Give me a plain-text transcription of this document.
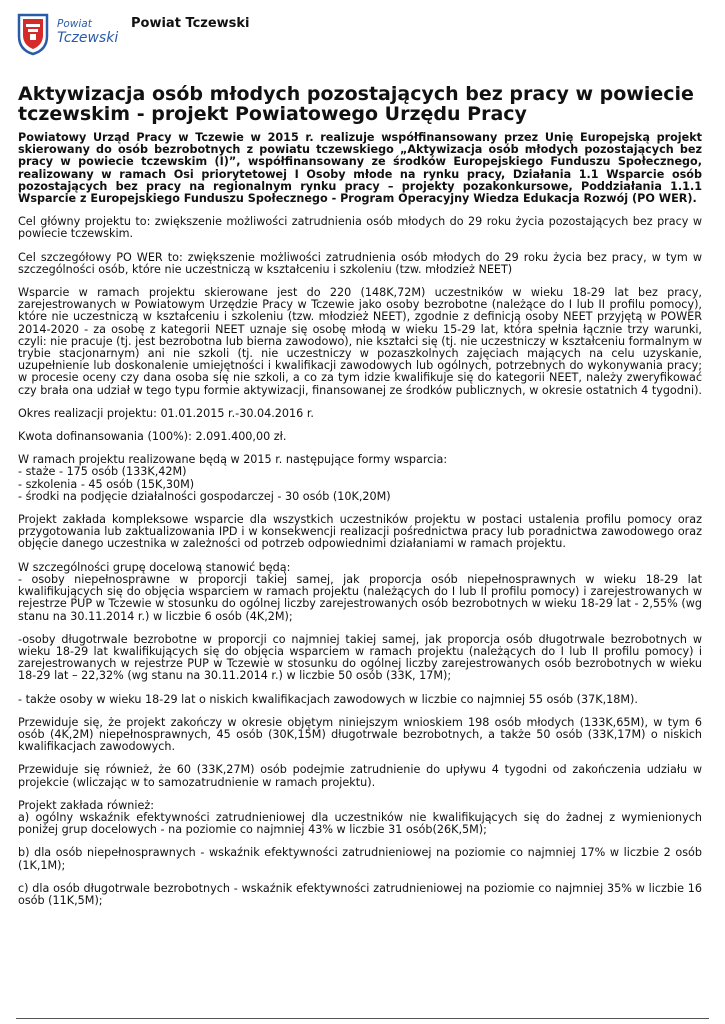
Powiat
Tczewski
Powiat Tczewski
Aktywizacja osób młodych pozostających bez pracy w powiecie tczewskim - projekt Powiatowego Urzędu Pracy

Powiatowy Urząd Pracy w Tczewie w 2015 r. realizuje współfinansowany przez Unię Europejską projekt skierowany do osób bezrobotnych z powiatu tczewskiego „Aktywizacja osób młodych pozostających bez pracy w powiecie tczewskim (I)”, współfinansowany ze środków Europejskiego Funduszu Społecznego, realizowany w ramach Osi priorytetowej I Osoby młode na rynku pracy, Działania 1.1 Wsparcie osób pozostających bez pracy na regionalnym rynku pracy – projekty pozakonkursowe, Poddziałania 1.1.1 Wsparcie z Europejskiego Funduszu Społecznego - Program Operacyjny Wiedza Edukacja Rozwój (PO WER).

Cel główny projektu to: zwiększenie możliwości zatrudnienia osób młodych do 29 roku życia pozostających bez pracy w powiecie tczewskim.

Cel szczegółowy PO WER to: zwiększenie możliwości zatrudnienia osób młodych do 29 roku życia bez pracy, w tym w szczególności osób, które nie uczestniczą w kształceniu i szkoleniu (tzw. młodzież NEET)

Wsparcie w ramach projektu skierowane jest do 220 (148K,72M) uczestników w wieku 18-29 lat bez pracy, zarejestrowanych w Powiatowym Urzędzie Pracy w Tczewie jako osoby bezrobotne (należące do I lub II profilu pomocy), które nie uczestniczą w kształceniu i szkoleniu (tzw. młodzież NEET), zgodnie z definicją osoby NEET przyjętą w POWER 2014-2020 - za osobę z kategorii NEET uznaje się osobę młodą w wieku 15-29 lat, która spełnia łącznie trzy warunki, czyli: nie pracuje (tj. jest bezrobotna lub bierna zawodowo), nie kształci się (tj. nie uczestniczy w kształceniu formalnym w trybie stacjonarnym) ani nie szkoli (tj. nie uczestniczy w pozaszkolnych zajęciach mających na celu uzyskanie, uzupełnienie lub doskonalenie umiejętności i kwalifikacji zawodowych lub ogólnych, potrzebnych do wykonywania pracy; w procesie oceny czy dana osoba się nie szkoli, a co za tym idzie kwalifikuje się do kategorii NEET, należy zweryfikować czy brała ona udział w tego typu formie aktywizacji, finansowanej ze środków publicznych, w okresie ostatnich 4 tygodni).

Okres realizacji projektu: 01.01.2015 r.-30.04.2016 r.

Kwota dofinansowania (100%): 2.091.400,00 zł.

W ramach projektu realizowane będą w 2015 r. następujące formy wsparcia:
- staże - 175 osób (133K,42M)
- szkolenia - 45 osób (15K,30M)
- środki na podjęcie działalności gospodarczej - 30 osób (10K,20M)

Projekt zakłada kompleksowe wsparcie dla wszystkich uczestników projektu w postaci ustalenia profilu pomocy oraz przygotowania lub zaktualizowania IPD i w konsekwencji realizacji pośrednictwa pracy lub poradnictwa zawodowego oraz objęcie danego uczestnika w zależności od potrzeb odpowiednimi działaniami w ramach projektu.

W szczególności grupę docelową stanowić będą:
- osoby niepełnosprawne w proporcji takiej samej, jak proporcja osób niepełnosprawnych w wieku 18-29 lat kwalifikujących się do objęcia wsparciem w ramach projektu (należących do I lub II profilu pomocy) i zarejestrowanych w rejestrze PUP w Tczewie w stosunku do ogólnej liczby zarejestrowanych osób bezrobotnych w wieku 18-29 lat - 2,55% (wg stanu na 30.11.2014 r.) w liczbie 6 osób (4K,2M);

-osoby długotrwale bezrobotne w proporcji co najmniej takiej samej, jak proporcja osób długotrwale bezrobotnych w wieku 18-29 lat kwalifikujących się do objęcia wsparciem w ramach projektu (należących do I lub II profilu pomocy) i zarejestrowanych w rejestrze PUP w Tczewie w stosunku do ogólnej liczby zarejestrowanych osób bezrobotnych w wieku 18-29 lat – 22,32% (wg stanu na 30.11.2014 r.) w liczbie 50 osób (33K, 17M);

- także osoby w wieku 18-29 lat o niskich kwalifikacjach zawodowych w liczbie co najmniej 55 osób (37K,18M).

Przewiduje się, że projekt zakończy w okresie objętym niniejszym wnioskiem 198 osób młodych (133K,65M), w tym 6 osób (4K,2M) niepełnosprawnych, 45 osób (30K,15M) długotrwale bezrobotnych, a także 50 osób (33K,17M) o niskich kwalifikacjach zawodowych.

Przewiduje się również, że 60 (33K,27M) osób podejmie zatrudnienie do upływu 4 tygodni od zakończenia udziału w projekcie (wliczając w to samozatrudnienie w ramach projektu).

Projekt zakłada również:
a) ogólny wskaźnik efektywności zatrudnieniowej dla uczestników nie kwalifikujących się do żadnej z wymienionych poniżej grup docelowych - na poziomie co najmniej 43% w liczbie 31 osób(26K,5M);

b) dla osób niepełnosprawnych - wskaźnik efektywności zatrudnieniowej na poziomie co najmniej 17% w liczbie 2 osób (1K,1M);

c) dla osób długotrwale bezrobotnych - wskaźnik efektywności zatrudnieniowej na poziomie co najmniej 35% w liczbie 16 osób (11K,5M);
